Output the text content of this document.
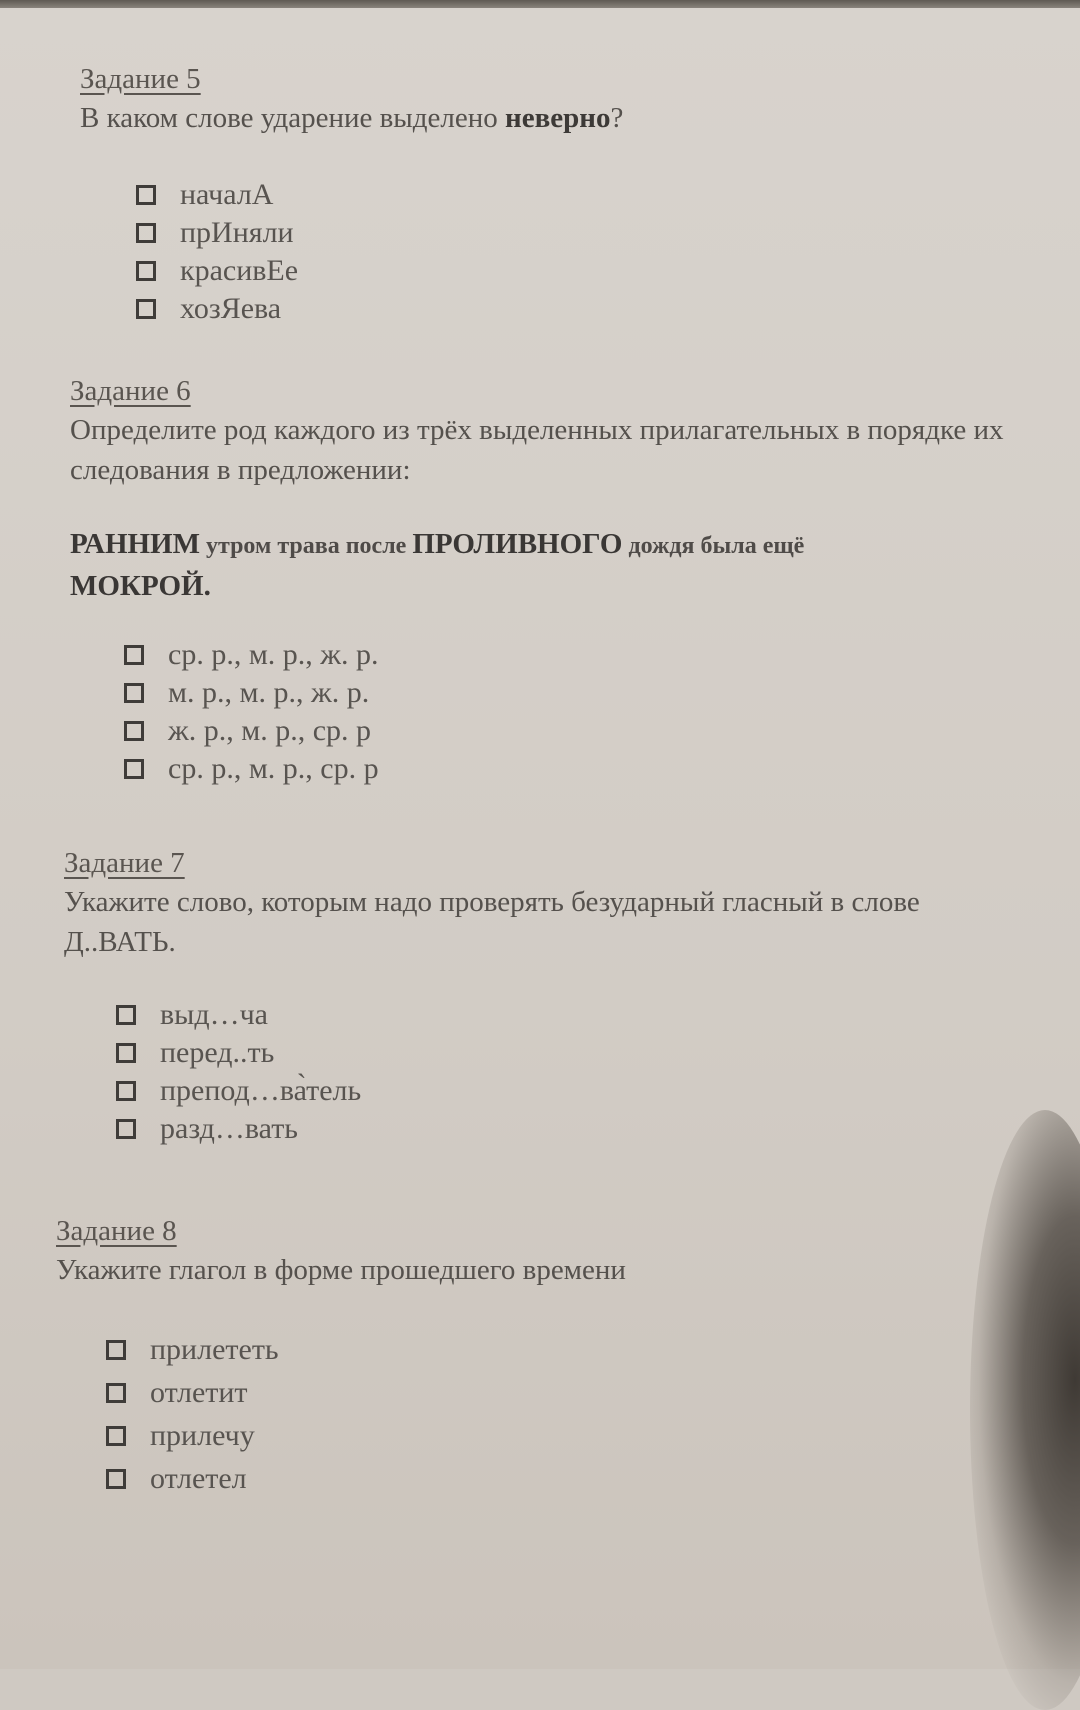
Задание 5

В каком слове ударение выделено неверно?

началА
прИняли
красивЕе
хозЯева

Задание 6

Определите род каждого из трёх выделенных прилагательных в порядке их следования в предложении:

РАННИМ утром трава после ПРОЛИВНОГО дождя была ещё
МОКРОЙ.

ср. р., м. р., ж. р.
м. р., м. р., ж. р.
ж. р., м. р., ср. р
ср. р., м. р., ср. р

Задание 7

Укажите слово, которым надо проверять безударный гласный в слове Д..ВАТЬ.

выд…ча
перед..ть
препод…ва̀тель
разд…вать

Задание 8

Укажите глагол в форме прошедшего времени

прилететь
отлетит
прилечу
отлетел
